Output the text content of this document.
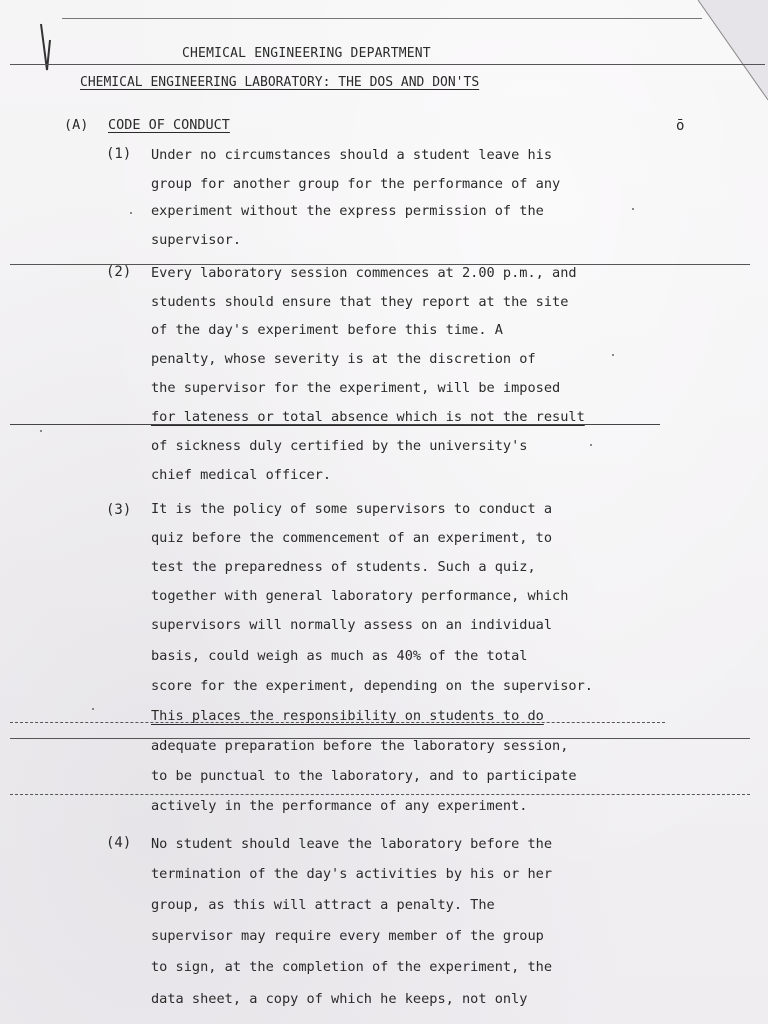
CHEMICAL ENGINEERING DEPARTMENT
CHEMICAL ENGINEERING LABORATORY: THE DOS AND DON'TS
(A) CODE OF CONDUCT	ō
(1) Under no circumstances should a student leave his
group for another group for the performance of any
experiment without the express permission of the
supervisor.
(2) Every laboratory session commences at 2.00 p.m., and
students should ensure that they report at the site
of the day's experiment before this time. A
penalty, whose severity is at the discretion of
the supervisor for the experiment, will be imposed
for lateness or total absence which is not the result
of sickness duly certified by the university's
chief medical officer.
(3) It is the policy of some supervisors to conduct a
quiz before the commencement of an experiment, to
test the preparedness of students. Such a quiz,
together with general laboratory performance, which
supervisors will normally assess on an individual
basis, could weigh as much as 40% of the total
score for the experiment, depending on the supervisor.
This places the responsibility on students to do
adequate preparation before the laboratory session,
to be punctual to the laboratory, and to participate
actively in the performance of any experiment.
(4) No student should leave the laboratory before the
termination of the day's activities by his or her
group, as this will attract a penalty. The
supervisor may require every member of the group
to sign, at the completion of the experiment, the
data sheet, a copy of which he keeps, not only
